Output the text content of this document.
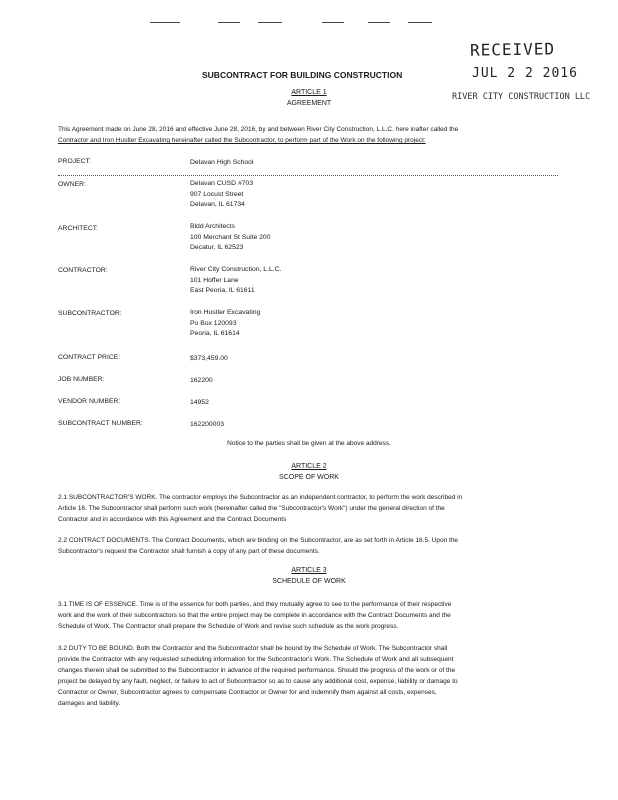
RECEIVED
JUL 2 2 2016
RIVER CITY CONSTRUCTION LLC
SUBCONTRACT FOR BUILDING CONSTRUCTION
ARTICLE 1
AGREEMENT
This Agreement made on June 28, 2016 and effective June 28, 2016, by and between River City Construction, L.L.C. here inafter called the
Contractor and Iron Hustler Excavating hereinafter called the Subcontractor, to perform part of the Work on the following project:
PROJECT:	Delavan High School
OWNER:	Delavan CUSD #703
907 Locust Street
Delavan, IL 61734
ARCHITECT:	Bldd Architects
100 Merchant St Suite 200
Decatur, IL 62523
CONTRACTOR:	River City Construction, L.L.C.
101 Hoffer Lane
East Peoria, IL 61611
SUBCONTRACTOR:	Iron Hustler Excavating
Po Box 120093
Peoria, IL 61614
CONTRACT PRICE:	$373,459.00
JOB NUMBER:	162200
VENDOR NUMBER:	14952
SUBCONTRACT NUMBER:	162200003
Notice to the parties shall be given at the above address.
ARTICLE 2
SCOPE OF WORK
2.1 SUBCONTRACTOR'S WORK. The contractor employs the Subcontractor as an independent contractor, to perform the work described in
Article 16. The Subcontractor shall perform such work (hereinafter called the "Subcontractor's Work") under the general direction of the
Contractor and in accordance with this Agreement and the Contract Documents
2.2 CONTRACT DOCUMENTS. The Contract Documents, which are binding on the Subcontractor, are as set forth in Article 16.5. Upon the
Subcontractor's request the Contractor shall furnish a copy of any part of these documents.
ARTICLE 3
SCHEDULE OF WORK
3.1 TIME IS OF ESSENCE. Time is of the essence for both parties, and they mutually agree to see to the performance of their respective
work and the work of their subcontractors so that the entire project may be complete in accordance with the Contract Documents and the
Schedule of Work. The Contractor shall prepare the Schedule of Work and revise such schedule as the work progress.
3.2 DUTY TO BE BOUND. Both the Contractor and the Subcontractor shall be bound by the Schedule of Work. The Subcontractor shall
provide the Contractor with any requested scheduling information for the Subcontractor's Work. The Schedule of Work and all subsequent
changes therein shall be submitted to the Subcontractor in advance of the required performance. Should the progress of the work or of the
project be delayed by any fault, neglect, or failure to act of Subcontractor so as to cause any additional cost, expense, liability or damage to
Contractor or Owner, Subcontractor agrees to compensate Contractor or Owner for and indemnify them against all costs, expenses,
damages and liability.
